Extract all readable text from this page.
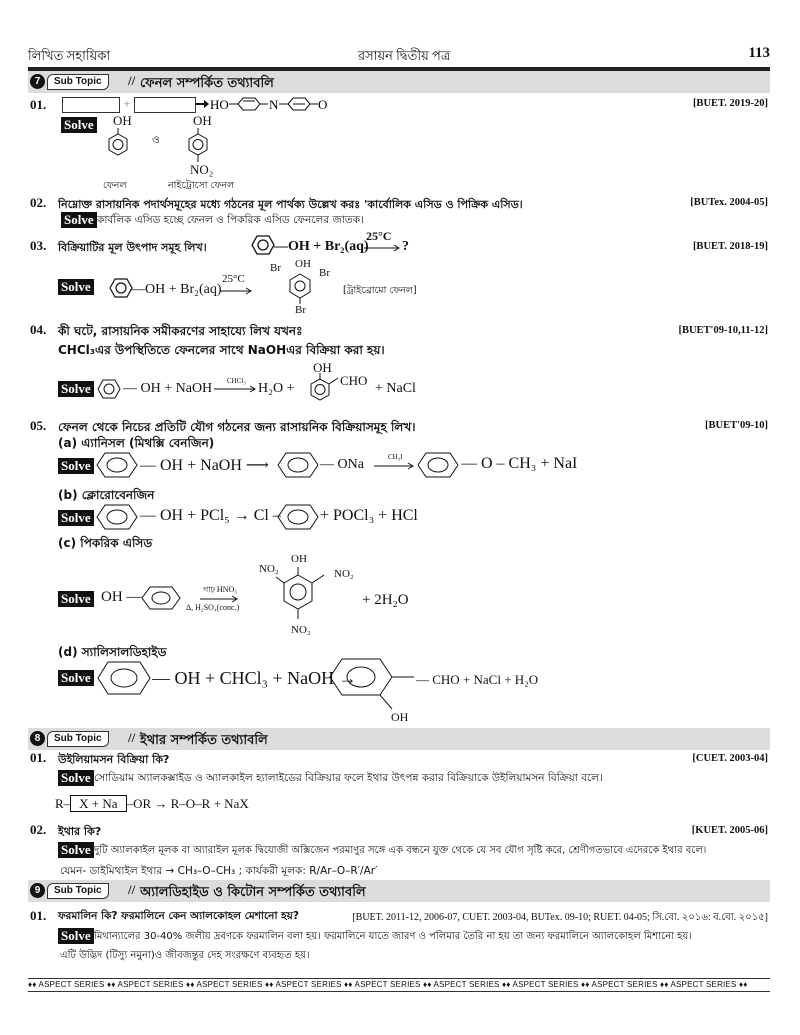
লিখিত সহায়িকা	রসায়ন দ্বিতীয় পত্র	113
7	Sub Topic	// ফেনল সম্পর্কিত তথ্যাবলি
01.	+	HO	N	O	[BUET. 2019-20]
Solve OH	OH
ও
NO₂
ফেনল	নাইট্রোসো ফেনল
02. নিম্নোক্ত রাসায়নিক পদার্থসমূহের মধ্যে গঠনের মূল পার্থক্য উল্লেখ করঃ 'কার্বোলিক এসিড ও পিক্রিক এসিড।	[BUTex. 2004-05]
Solve কার্বলিক এসিড হচ্ছে ফেনল ও পিকরিক এসিড ফেনলের জাতক।
03. বিক্রিয়াটির মূল উৎপাদ সমূহ লিখ।	—OH + Br₂(aq)
25°C
?	[BUET. 2018-19]
Solve	—OH + Br₂(aq)
25°C
Br OH
Br
Br
[ট্রাইব্রোমো ফেনল]
04. কী ঘটে, রাসায়নিক সমীকরণের সাহায্যে লিখ যখনঃ	[BUET'09-10,11-12]
CHCl₃এর উপস্থিতিতে ফেনলের সাথে NaOHএর বিক্রিয়া করা হয়।
OH
Solve — OH + NaOH CHCl₃ H₂O +
CHO
+ NaCl
05. ফেনল থেকে নিচের প্রতিটি যৌগ গঠনের জন্য রাসায়নিক বিক্রিয়াসমূহ লিখ।	[BUET'09-10]
(a) এ্যানিসল (মিথক্সি বেনজিন)
Solve	— OH + NaOH ⟶	— ONa	CH₃I	— O – CH₃ + NaI
(b) ক্লোরোবেনজিন
Solve	— OH + PCl₅ → Cl – + POCl₃ + HCl
(c) পিকরিক এসিড
Solve OH —	গাঢ় HNO₃
Δ, H₂SO₄(conc.)
OH
NO₂	NO₂
NO₂
+ 2H₂O
(d) স্যালিসালডিহাইড
Solve	— OH + CHCl₃ + NaOH →	— CHO + NaCl + H₂O
OH
8	Sub Topic	// ইথার সম্পর্কিত তথ্যাবলি
01. উইলিয়ামসন বিক্রিয়া কি?	[CUET. 2003-04]
Solve সোডিয়াম অ্যালকক্সাইড ও অ্যালকাইল হ্যালাইডের বিক্রিয়ার ফলে ইথার উৎপন্ন করার বিক্রিয়াকে উইলিয়ামসন বিক্রিয়া বলে।
R– X + Na –OR → R–O–R + NaX
02. ইথার কি?	[KUET. 2005-06]
Solve দুটি অ্যালকাইল মূলক বা অ্যারাইল মূলক দ্বিযোজী অক্সিজেন পরমাণুর সঙ্গে এক বন্ধনে যুক্ত থেকে যে সব যৌগ সৃষ্টি করে, শ্রেণীগতভাবে এদেরকে ইথার বলে।
যেমন- ডাইমিথাইল ইথার → CH₃–O–CH₃ ; কার্যকরী মূলক: R/Ar–O–R′/Ar′
9	Sub Topic	// অ্যালডিহাইড ও কিটোন সম্পর্কিত তথ্যাবলি
01. ফরমালিন কি? ফরমালিনে কেন অ্যালকোহল মেশানো হয়?	[BUET. 2011-12, 2006-07, CUET. 2003-04, BUTex. 09-10; RUET. 04-05; সি.বো. ২০১৬: ব.বো. ২০১৫]
Solve মিথান্যালের 30-40% জলীয় দ্রবণকে ফরমালিন বলা হয়। ফরমালিনে যাতে জারণ ও পলিমার তৈরি না হয় তা জন্য ফরমালিনে অ্যালকোহল মিশানো হয়।
এটি উদ্ভিদ (টিস্যু নমুনা)ও জীবজন্তুর দেহ সংরক্ষণে ব্যবহৃত হয়।
♦♦ ASPECT SERIES ♦♦ ASPECT SERIES ♦♦ ASPECT SERIES ♦♦ ASPECT SERIES ♦♦ ASPECT SERIES ♦♦ ASPECT SERIES ♦♦ ASPECT SERIES ♦♦ ASPECT SERIES ♦♦ ASPECT SERIES ♦♦
